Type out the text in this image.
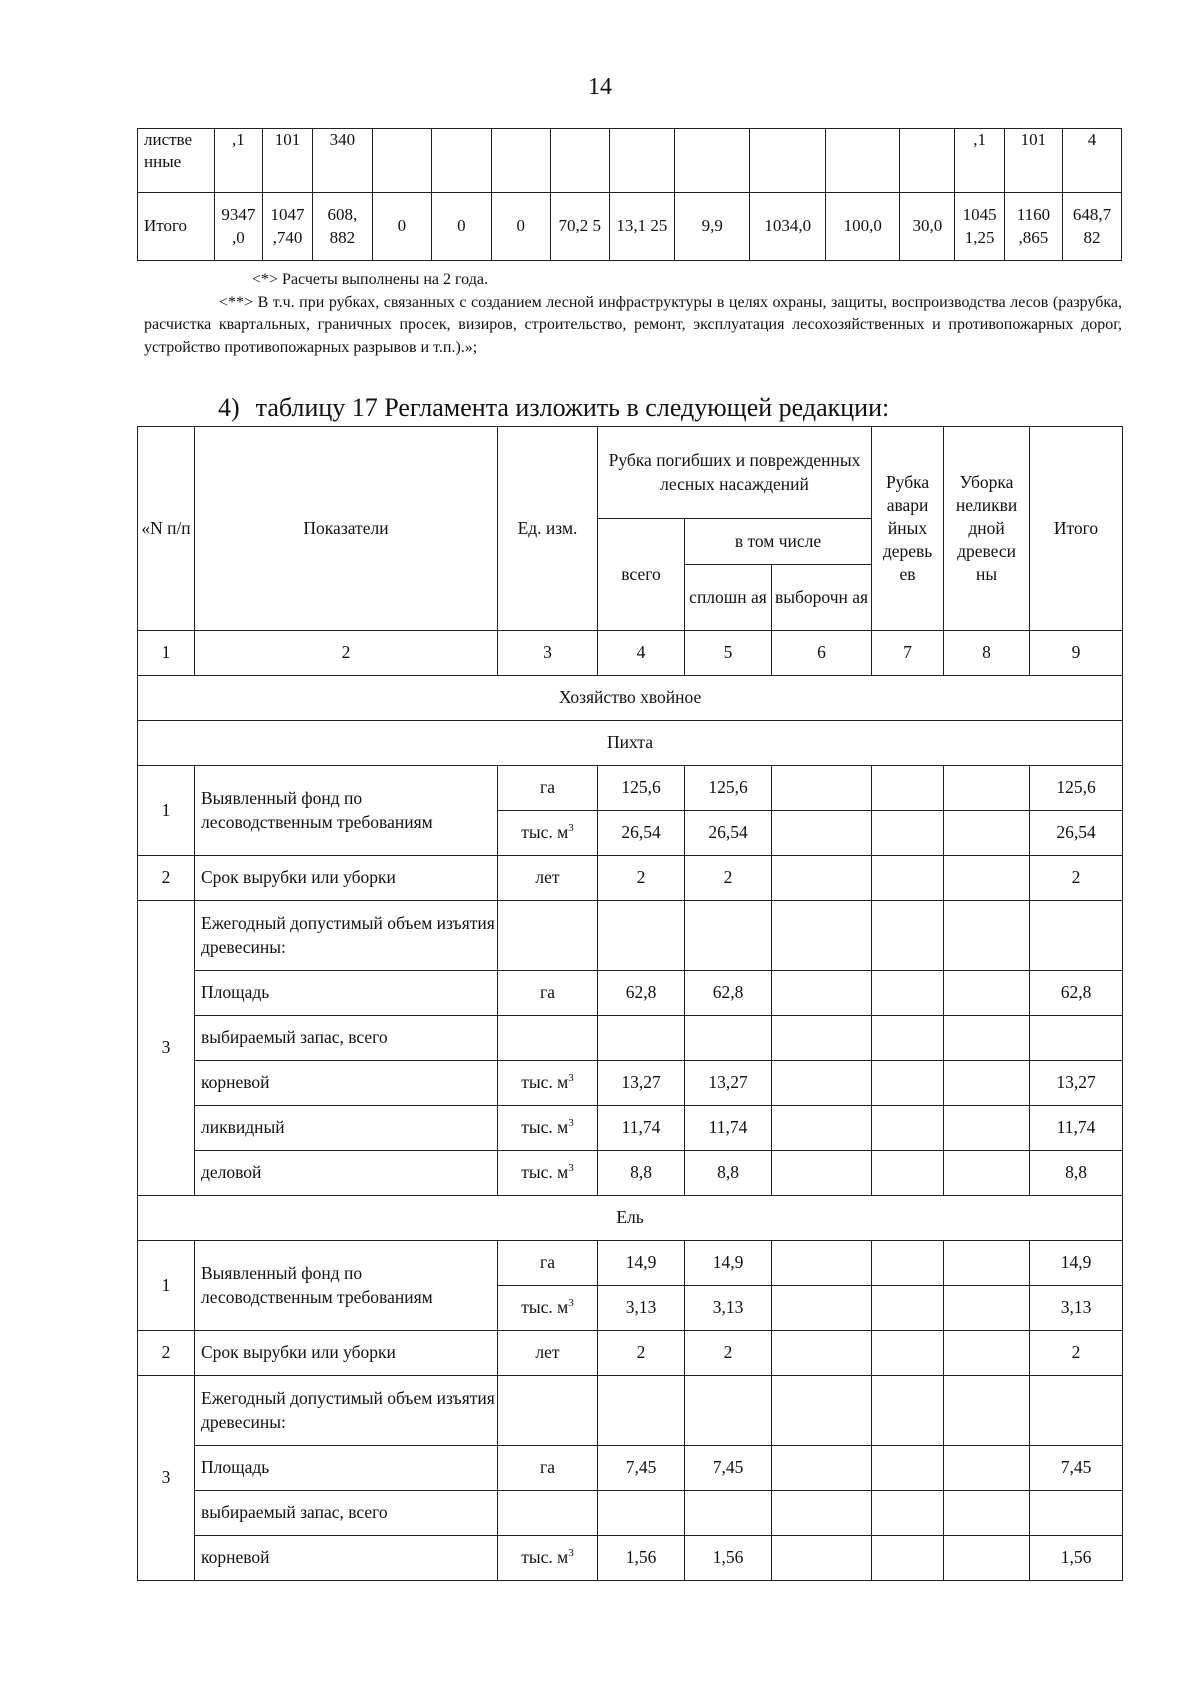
14
листве нные	,1	101	340										,1	101	4
Итого	9347 ,0	1047 ,740	608, 882	0	0	0	70,2 5	13,1 25	9,9	1034,0	100,0	30,0	1045 1,25	1160 ,865	648,7 82

<*> Расчеты выполнены на 2 года.

<**> В т.ч. при рубках, связанных с созданием лесной инфраструктуры в целях охраны, защиты, воспроизводства лесов (разрубка, расчистка квартальных, граничных просек, визиров, строительство, ремонт, эксплуатация лесохозяйственных и противопожарных дорог, устройство противопожарных разрывов и т.п.).»;

4) таблицу 17 Регламента изложить в следующей редакции:
«N п/п	Показатели	Ед. изм.	Рубка погибших и поврежденных лесных насаждений			Рубка авари йных деревь ев	Уборка неликви дной древеси ны	Итого
			всего	в том числе				
				сплошн ая	выборочн ая			
1	2	3	4	5	6	7	8	9
Хозяйство хвойное								
Пихта								
1	Выявленный фонд по лесоводственным требованиям	га	125,6	125,6				125,6
		тыс. $м^3$	26,54	26,54				26,54
2	Срок вырубки или уборки	лет	2	2				2
3	Ежегодный допустимый объем изъятия древесины:							
	Площадь	га	62,8	62,8				62,8
	выбираемый запас, всего							
	корневой	тыс. $м^3$	13,27	13,27				13,27
	ликвидный	тыс. $м^3$	11,74	11,74				11,74
	деловой	тыс. $м^3$	8,8	8,8				8,8
Ель								
1	Выявленный фонд по лесоводственным требованиям	га	14,9	14,9				14,9
		тыс. $м^3$	3,13	3,13				3,13
2	Срок вырубки или уборки	лет	2	2				2
3	Ежегодный допустимый объем изъятия древесины:							
	Площадь	га	7,45	7,45				7,45
	выбираемый запас, всего							
	корневой	тыс. $м^3$	1,56	1,56				1,56
